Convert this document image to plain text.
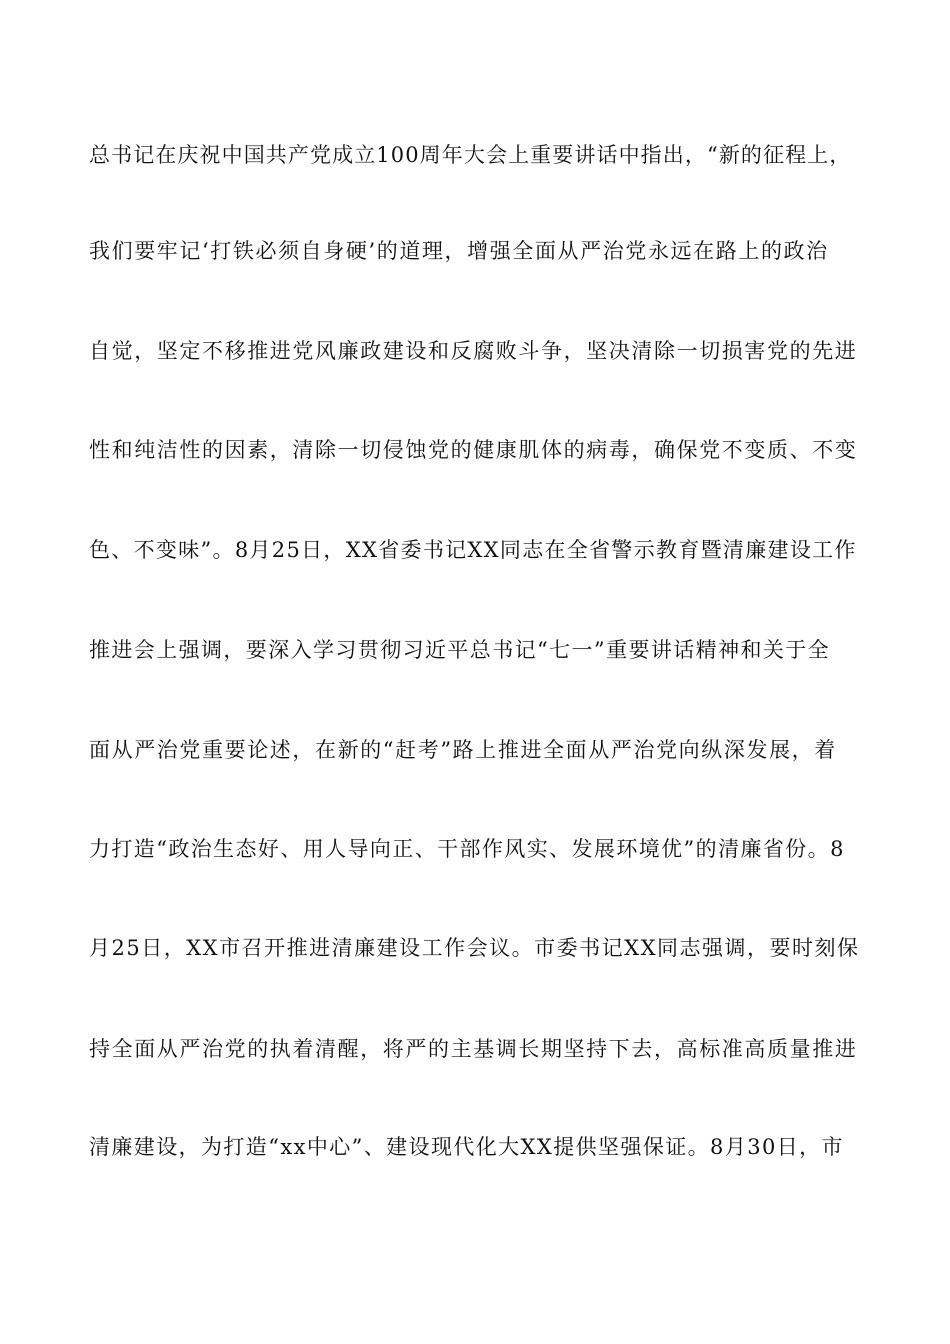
总书记在庆祝中国共产党成立100周年大会上重要讲话中指出，“新的征程上，
我们要牢记‘打铁必须自身硬’的道理，增强全面从严治党永远在路上的政治
自觉，坚定不移推进党风廉政建设和反腐败斗争，坚决清除一切损害党的先进
性和纯洁性的因素，清除一切侵蚀党的健康肌体的病毒，确保党不变质、不变
色、不变味”。8月25日，XX省委书记XX同志在全省警示教育暨清廉建设工作
推进会上强调，要深入学习贯彻习近平总书记“七一”重要讲话精神和关于全
面从严治党重要论述，在新的“赶考”路上推进全面从严治党向纵深发展，着
力打造“政治生态好、用人导向正、干部作风实、发展环境优”的清廉省份。8
月25日，XX市召开推进清廉建设工作会议。市委书记XX同志强调，要时刻保
持全面从严治党的执着清醒，将严的主基调长期坚持下去，高标准高质量推进
清廉建设，为打造“xx中心”、建设现代化大XX提供坚强保证。8月30日，市
